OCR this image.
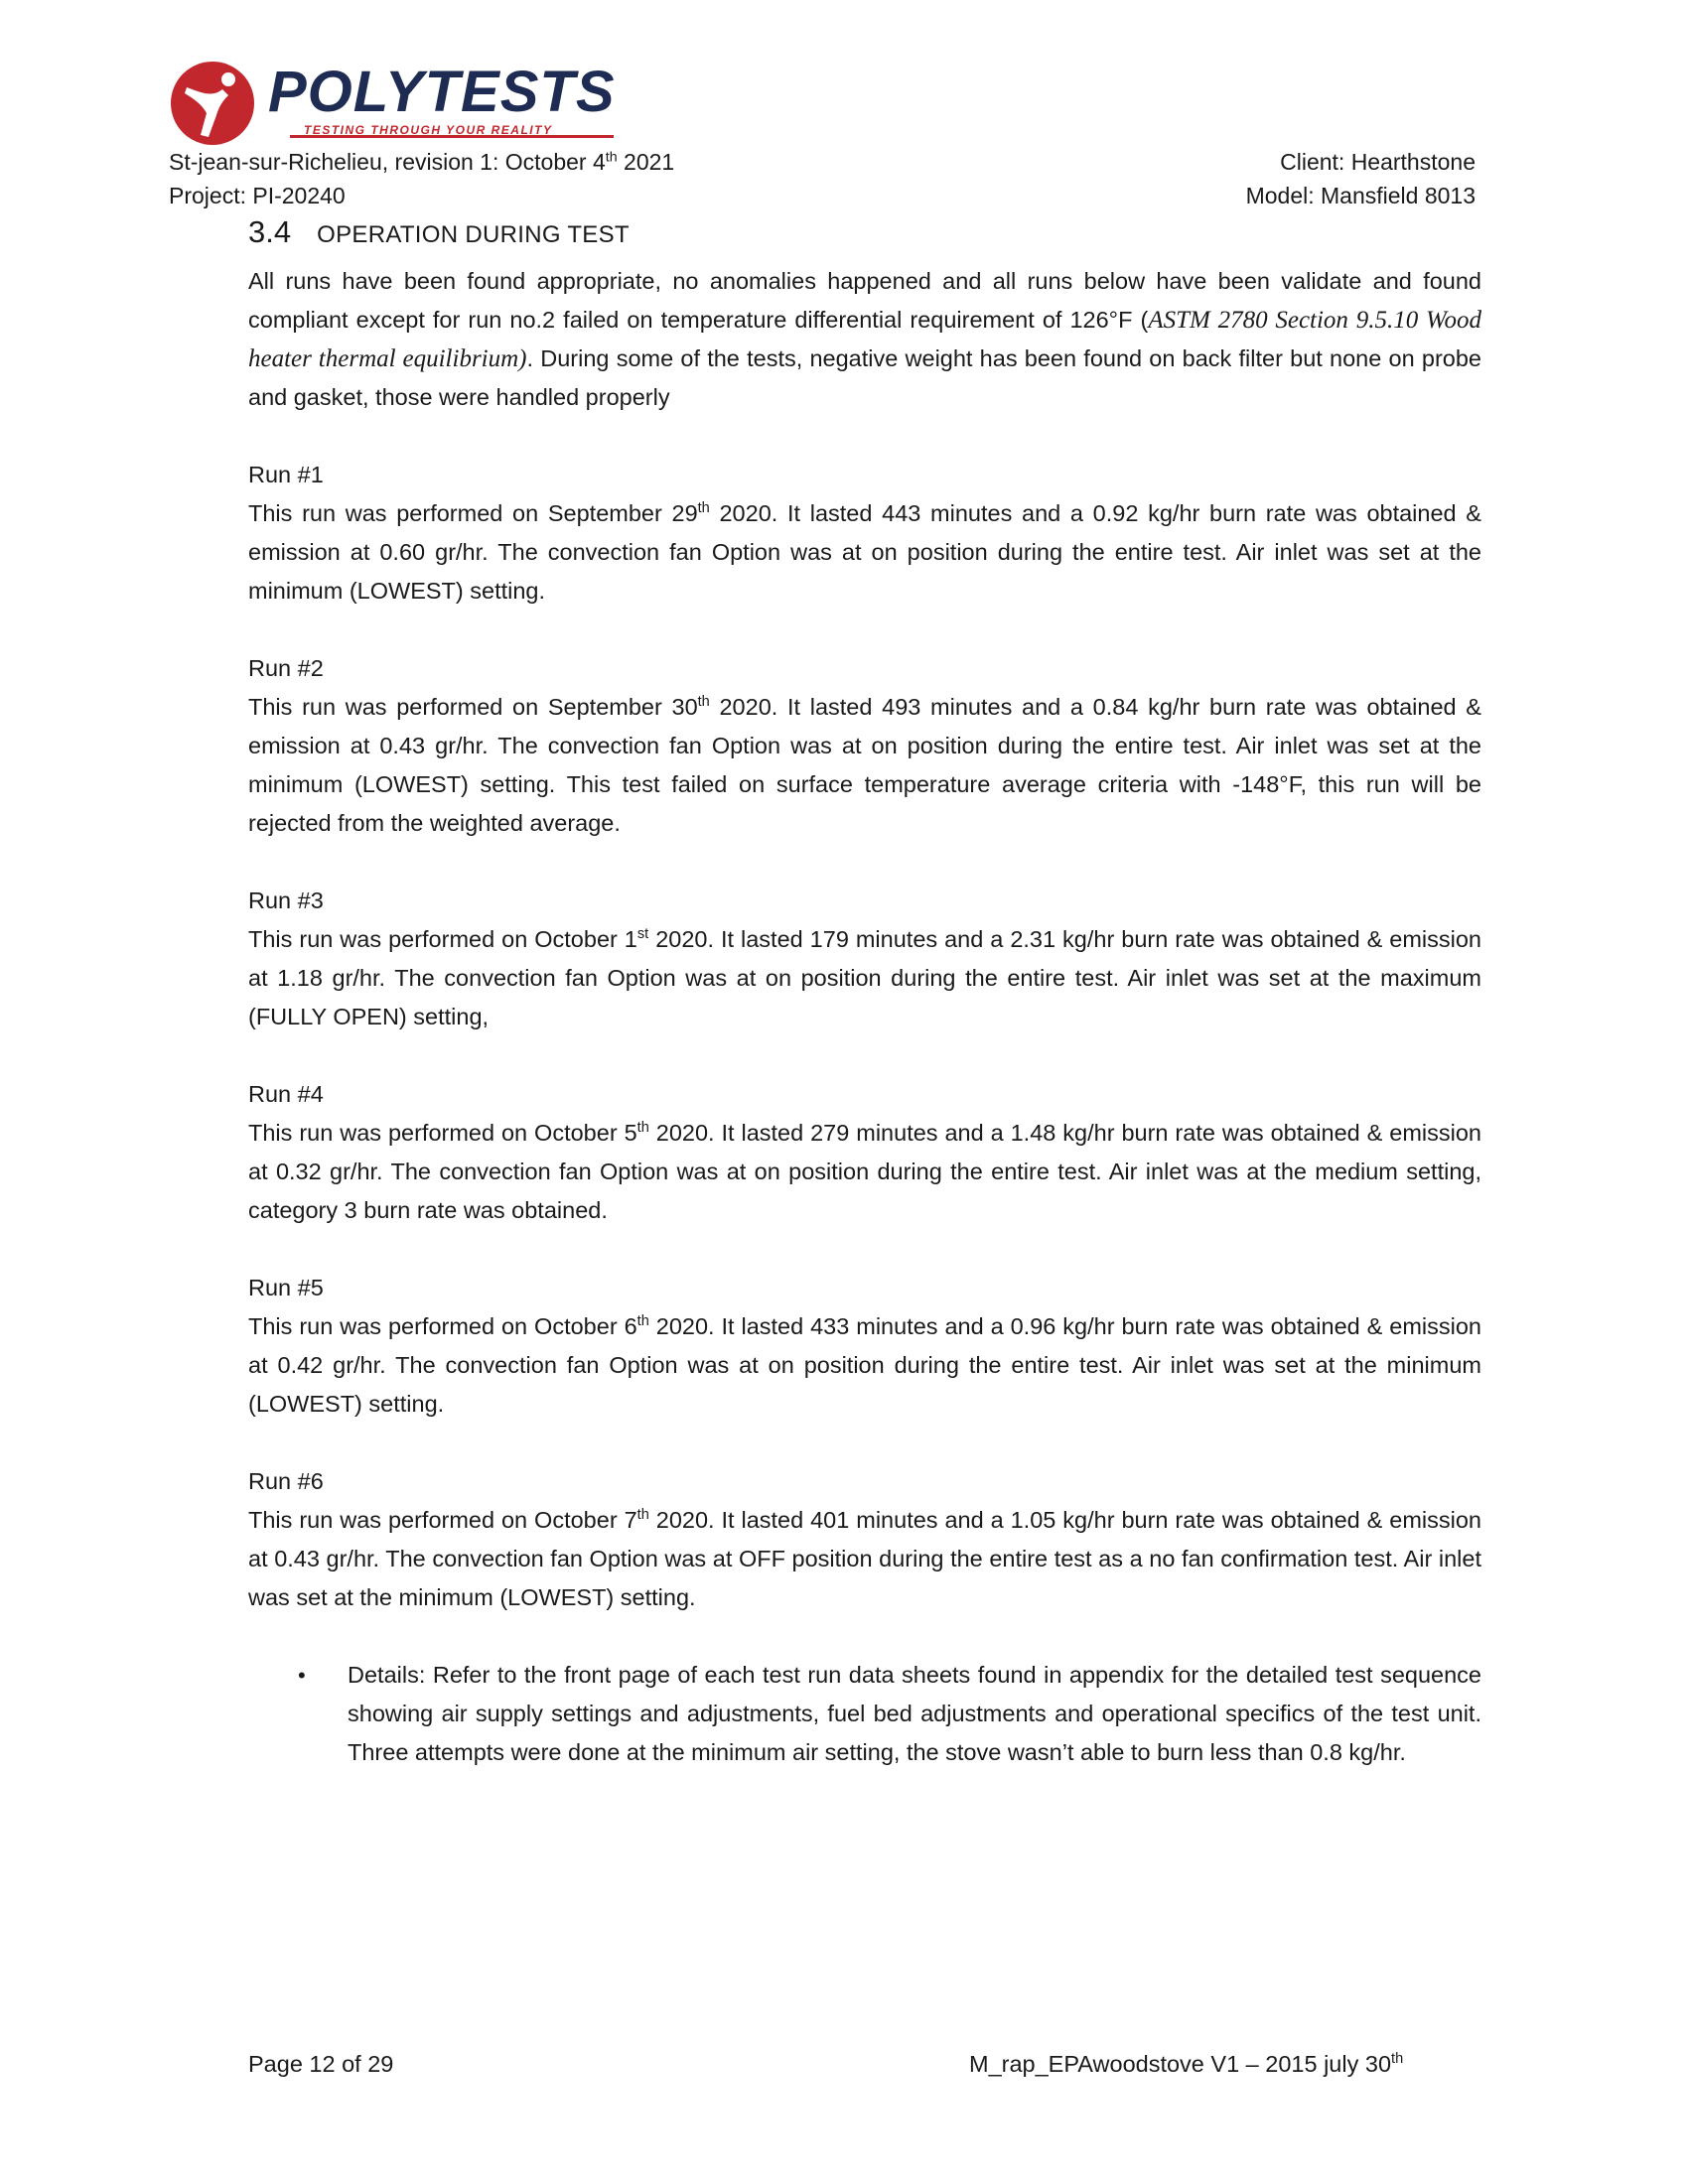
POLYTESTS
TESTING THROUGH YOUR REALITY
St-jean-sur-Richelieu, revision 1: October 4th 2021
Project: PI-20240
Client: Hearthstone
Model: Mansfield 8013
3.4 OPERATION DURING TEST

All runs have been found appropriate, no anomalies happened and all runs below have been validate and found compliant except for run no.2 failed on temperature differential requirement of 126°F (ASTM 2780 Section 9.5.10 Wood heater thermal equilibrium). During some of the tests, negative weight has been found on back filter but none on probe and gasket, those were handled properly

Run #1

This run was performed on September 29th 2020. It lasted 443 minutes and a 0.92 kg/hr burn rate was obtained & emission at 0.60 gr/hr. The convection fan Option was at on position during the entire test. Air inlet was set at the minimum (LOWEST) setting.

Run #2

This run was performed on September 30th 2020. It lasted 493 minutes and a 0.84 kg/hr burn rate was obtained & emission at 0.43 gr/hr. The convection fan Option was at on position during the entire test. Air inlet was set at the minimum (LOWEST) setting. This test failed on surface temperature average criteria with -148°F, this run will be rejected from the weighted average.

Run #3

This run was performed on October 1st 2020. It lasted 179 minutes and a 2.31 kg/hr burn rate was obtained & emission at 1.18 gr/hr. The convection fan Option was at on position during the entire test. Air inlet was set at the maximum (FULLY OPEN) setting,

Run #4

This run was performed on October 5th 2020. It lasted 279 minutes and a 1.48 kg/hr burn rate was obtained & emission at 0.32 gr/hr. The convection fan Option was at on position during the entire test. Air inlet was at the medium setting, category 3 burn rate was obtained.

Run #5

This run was performed on October 6th 2020. It lasted 433 minutes and a 0.96 kg/hr burn rate was obtained & emission at 0.42 gr/hr. The convection fan Option was at on position during the entire test. Air inlet was set at the minimum (LOWEST) setting.

Run #6

This run was performed on October 7th 2020. It lasted 401 minutes and a 1.05 kg/hr burn rate was obtained & emission at 0.43 gr/hr. The convection fan Option was at OFF position during the entire test as a no fan confirmation test. Air inlet was set at the minimum (LOWEST) setting.

•	Details: Refer to the front page of each test run data sheets found in appendix for the detailed test sequence showing air supply settings and adjustments, fuel bed adjustments and operational specifics of the test unit. Three attempts were done at the minimum air setting, the stove wasn’t able to burn less than 0.8 kg/hr.

Page 12 of 29	M_rap_EPAwoodstove V1 – 2015 july 30th
